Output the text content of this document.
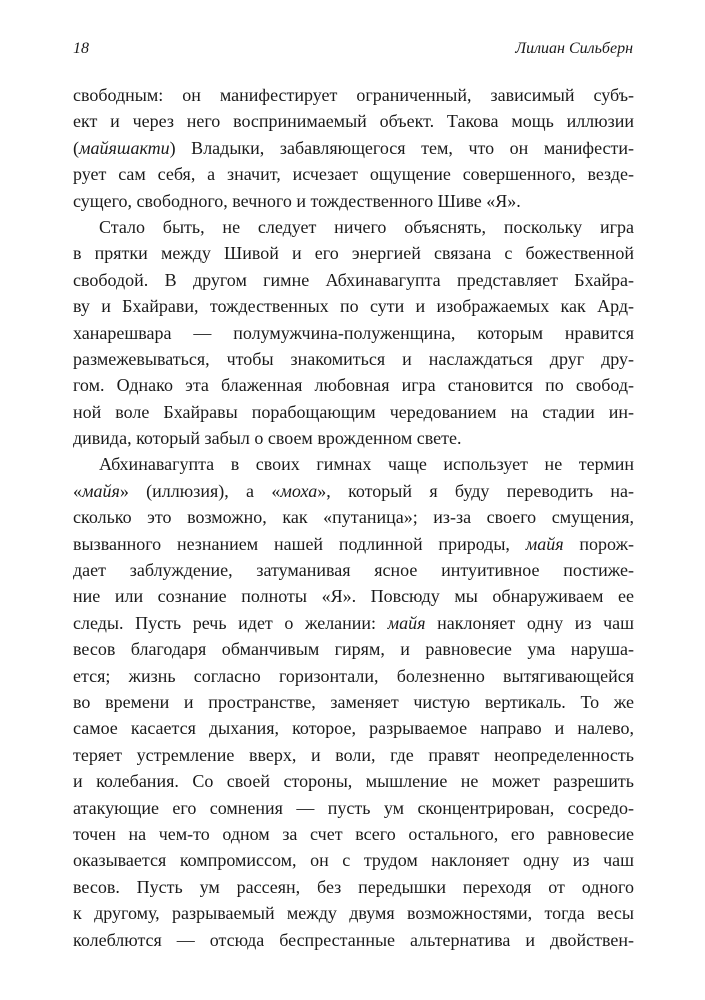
18	Лилиан Сильберн
свободным: он манифестирует ограниченный, зависимый субъ-
ект и через него воспринимаемый объект. Такова мощь иллюзии
(майяшакти) Владыки, забавляющегося тем, что он манифести-
рует сам себя, а значит, исчезает ощущение совершенного, везде-
сущего, свободного, вечного и тождественного Шиве «Я».
Стало быть, не следует ничего объяснять, поскольку игра
в прятки между Шивой и его энергией связана с божественной
свободой. В другом гимне Абхинавагупта представляет Бхайра-
ву и Бхайрави, тождественных по сути и изображаемых как Ард-
ханарешвара — полумужчина-полуженщина, которым нравится
размежевываться, чтобы знакомиться и наслаждаться друг дру-
гом. Однако эта блаженная любовная игра становится по свобод-
ной воле Бхайравы порабощающим чередованием на стадии ин-
дивида, который забыл о своем врожденном свете.
Абхинавагупта в своих гимнах чаще использует не термин
«майя» (иллюзия), а «моха», который я буду переводить на-
сколько это возможно, как «путаница»; из-за своего смущения,
вызванного незнанием нашей подлинной природы, майя порож-
дает заблуждение, затуманивая ясное интуитивное постиже-
ние или сознание полноты «Я». Повсюду мы обнаруживаем ее
следы. Пусть речь идет о желании: майя наклоняет одну из чаш
весов благодаря обманчивым гирям, и равновесие ума наруша-
ется; жизнь согласно горизонтали, болезненно вытягивающейся
во времени и пространстве, заменяет чистую вертикаль. То же
самое касается дыхания, которое, разрываемое направо и налево,
теряет устремление вверх, и воли, где правят неопределенность
и колебания. Со своей стороны, мышление не может разрешить
атакующие его сомнения — пусть ум сконцентрирован, сосредо-
точен на чем-то одном за счет всего остального, его равновесие
оказывается компромиссом, он с трудом наклоняет одну из чаш
весов. Пусть ум рассеян, без передышки переходя от одного
к другому, разрываемый между двумя возможностями, тогда весы
колеблются — отсюда беспрестанные альтернатива и двойствен-
